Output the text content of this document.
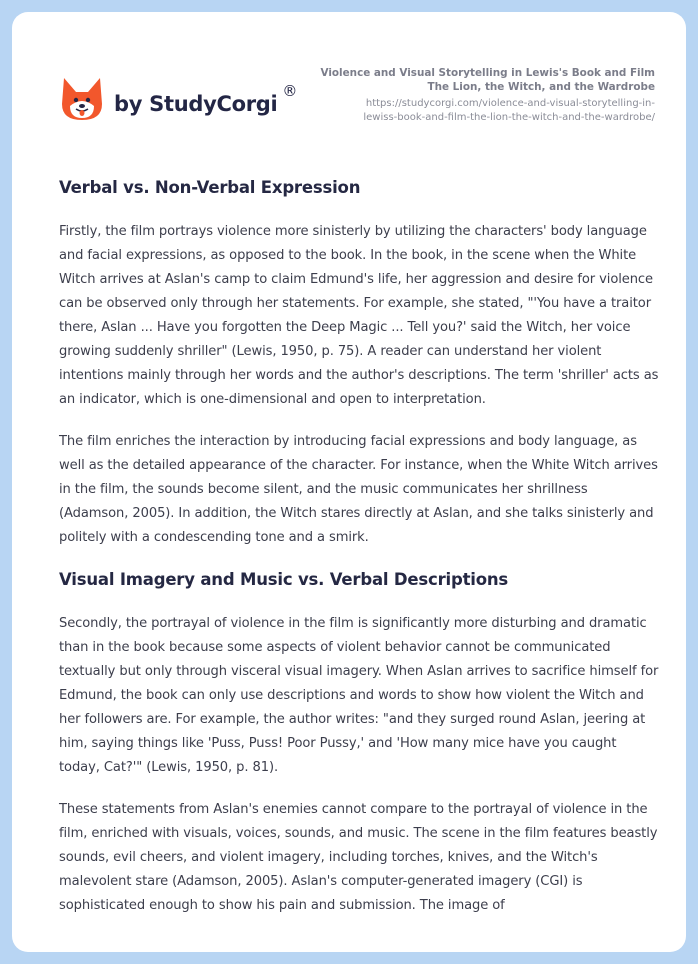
by StudyCorgi
®
Violence and Visual Storytelling in Lewis's Book and Film
The Lion, the Witch, and the Wardrobe
https://studycorgi.com/violence-and-visual-storytelling-in-
lewiss-book-and-film-the-lion-the-witch-and-the-wardrobe/
Verbal vs. Non-Verbal Expression

Firstly, the film portrays violence more sinisterly by utilizing the characters' body language and facial expressions, as opposed to the book. In the book, in the scene when the White Witch arrives at Aslan's camp to claim Edmund's life, her aggression and desire for violence can be observed only through her statements. For example, she stated, "'You have a traitor there, Aslan ... Have you forgotten the Deep Magic ... Tell you?' said the Witch, her voice growing suddenly shriller" (Lewis, 1950, p. 75). A reader can understand her violent intentions mainly through her words and the author's descriptions. The term 'shriller' acts as an indicator, which is one-dimensional and open to interpretation.

The film enriches the interaction by introducing facial expressions and body language, as well as the detailed appearance of the character. For instance, when the White Witch arrives in the film, the sounds become silent, and the music communicates her shrillness (Adamson, 2005). In addition, the Witch stares directly at Aslan, and she talks sinisterly and politely with a condescending tone and a smirk.

Visual Imagery and Music vs. Verbal Descriptions

Secondly, the portrayal of violence in the film is significantly more disturbing and dramatic than in the book because some aspects of violent behavior cannot be communicated textually but only through visceral visual imagery. When Aslan arrives to sacrifice himself for Edmund, the book can only use descriptions and words to show how violent the Witch and her followers are. For example, the author writes: "and they surged round Aslan, jeering at him, saying things like 'Puss, Puss! Poor Pussy,' and 'How many mice have you caught today, Cat?'" (Lewis, 1950, p. 81).

These statements from Aslan's enemies cannot compare to the portrayal of violence in the film, enriched with visuals, voices, sounds, and music. The scene in the film features beastly sounds, evil cheers, and violent imagery, including torches, knives, and the Witch's malevolent stare (Adamson, 2005). Aslan's computer-generated imagery (CGI) is sophisticated enough to show his pain and submission. The image of
